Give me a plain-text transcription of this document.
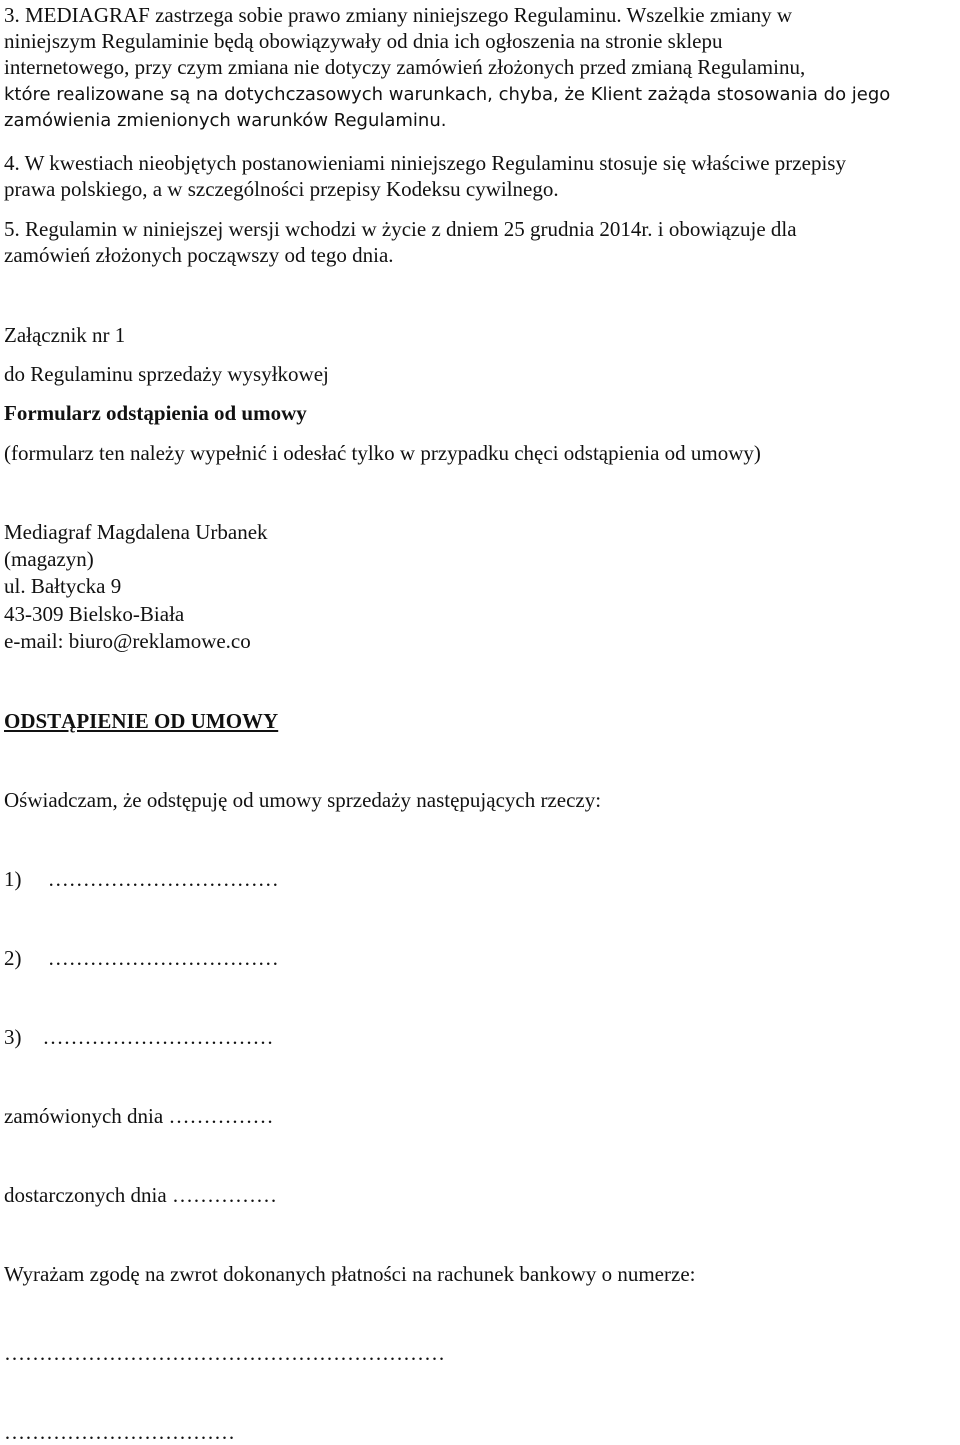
3. MEDIAGRAF zastrzega sobie prawo zmiany niniejszego Regulaminu. Wszelkie zmiany w

niniejszym Regulaminie będą obowiązywały od dnia ich ogłoszenia na stronie sklepu

internetowego, przy czym zmiana nie dotyczy zamówień złożonych przed zmianą Regulaminu,

które realizowane są na dotychczasowych warunkach, chyba, że Klient zażąda stosowania do jego

zamówienia zmienionych warunków Regulaminu.

4. W kwestiach nieobjętych postanowieniami niniejszego Regulaminu stosuje się właściwe przepisy

prawa polskiego, a w szczególności przepisy Kodeksu cywilnego.

5. Regulamin w niniejszej wersji wchodzi w życie z dniem 25 grudnia 2014r. i obowiązuje dla

zamówień złożonych począwszy od tego dnia.

Załącznik nr 1

do Regulaminu sprzedaży wysyłkowej

Formularz odstąpienia od umowy

(formularz ten należy wypełnić i odesłać tylko w przypadku chęci odstąpienia od umowy)

Mediagraf Magdalena Urbanek

(magazyn)

ul. Bałtycka 9

43-309 Bielsko-Biała

e-mail: biuro@reklamowe.co

ODSTĄPIENIE OD UMOWY

Oświadczam, że odstępuję od umowy sprzedaży następujących rzeczy:

1)     ……………………………

2)     ……………………………

3)    ……………………………

zamówionych dnia ……………

dostarczonych dnia ……………

Wyrażam zgodę na zwrot dokonanych płatności na rachunek bankowy o numerze:

………………………………………………………

……………………………
